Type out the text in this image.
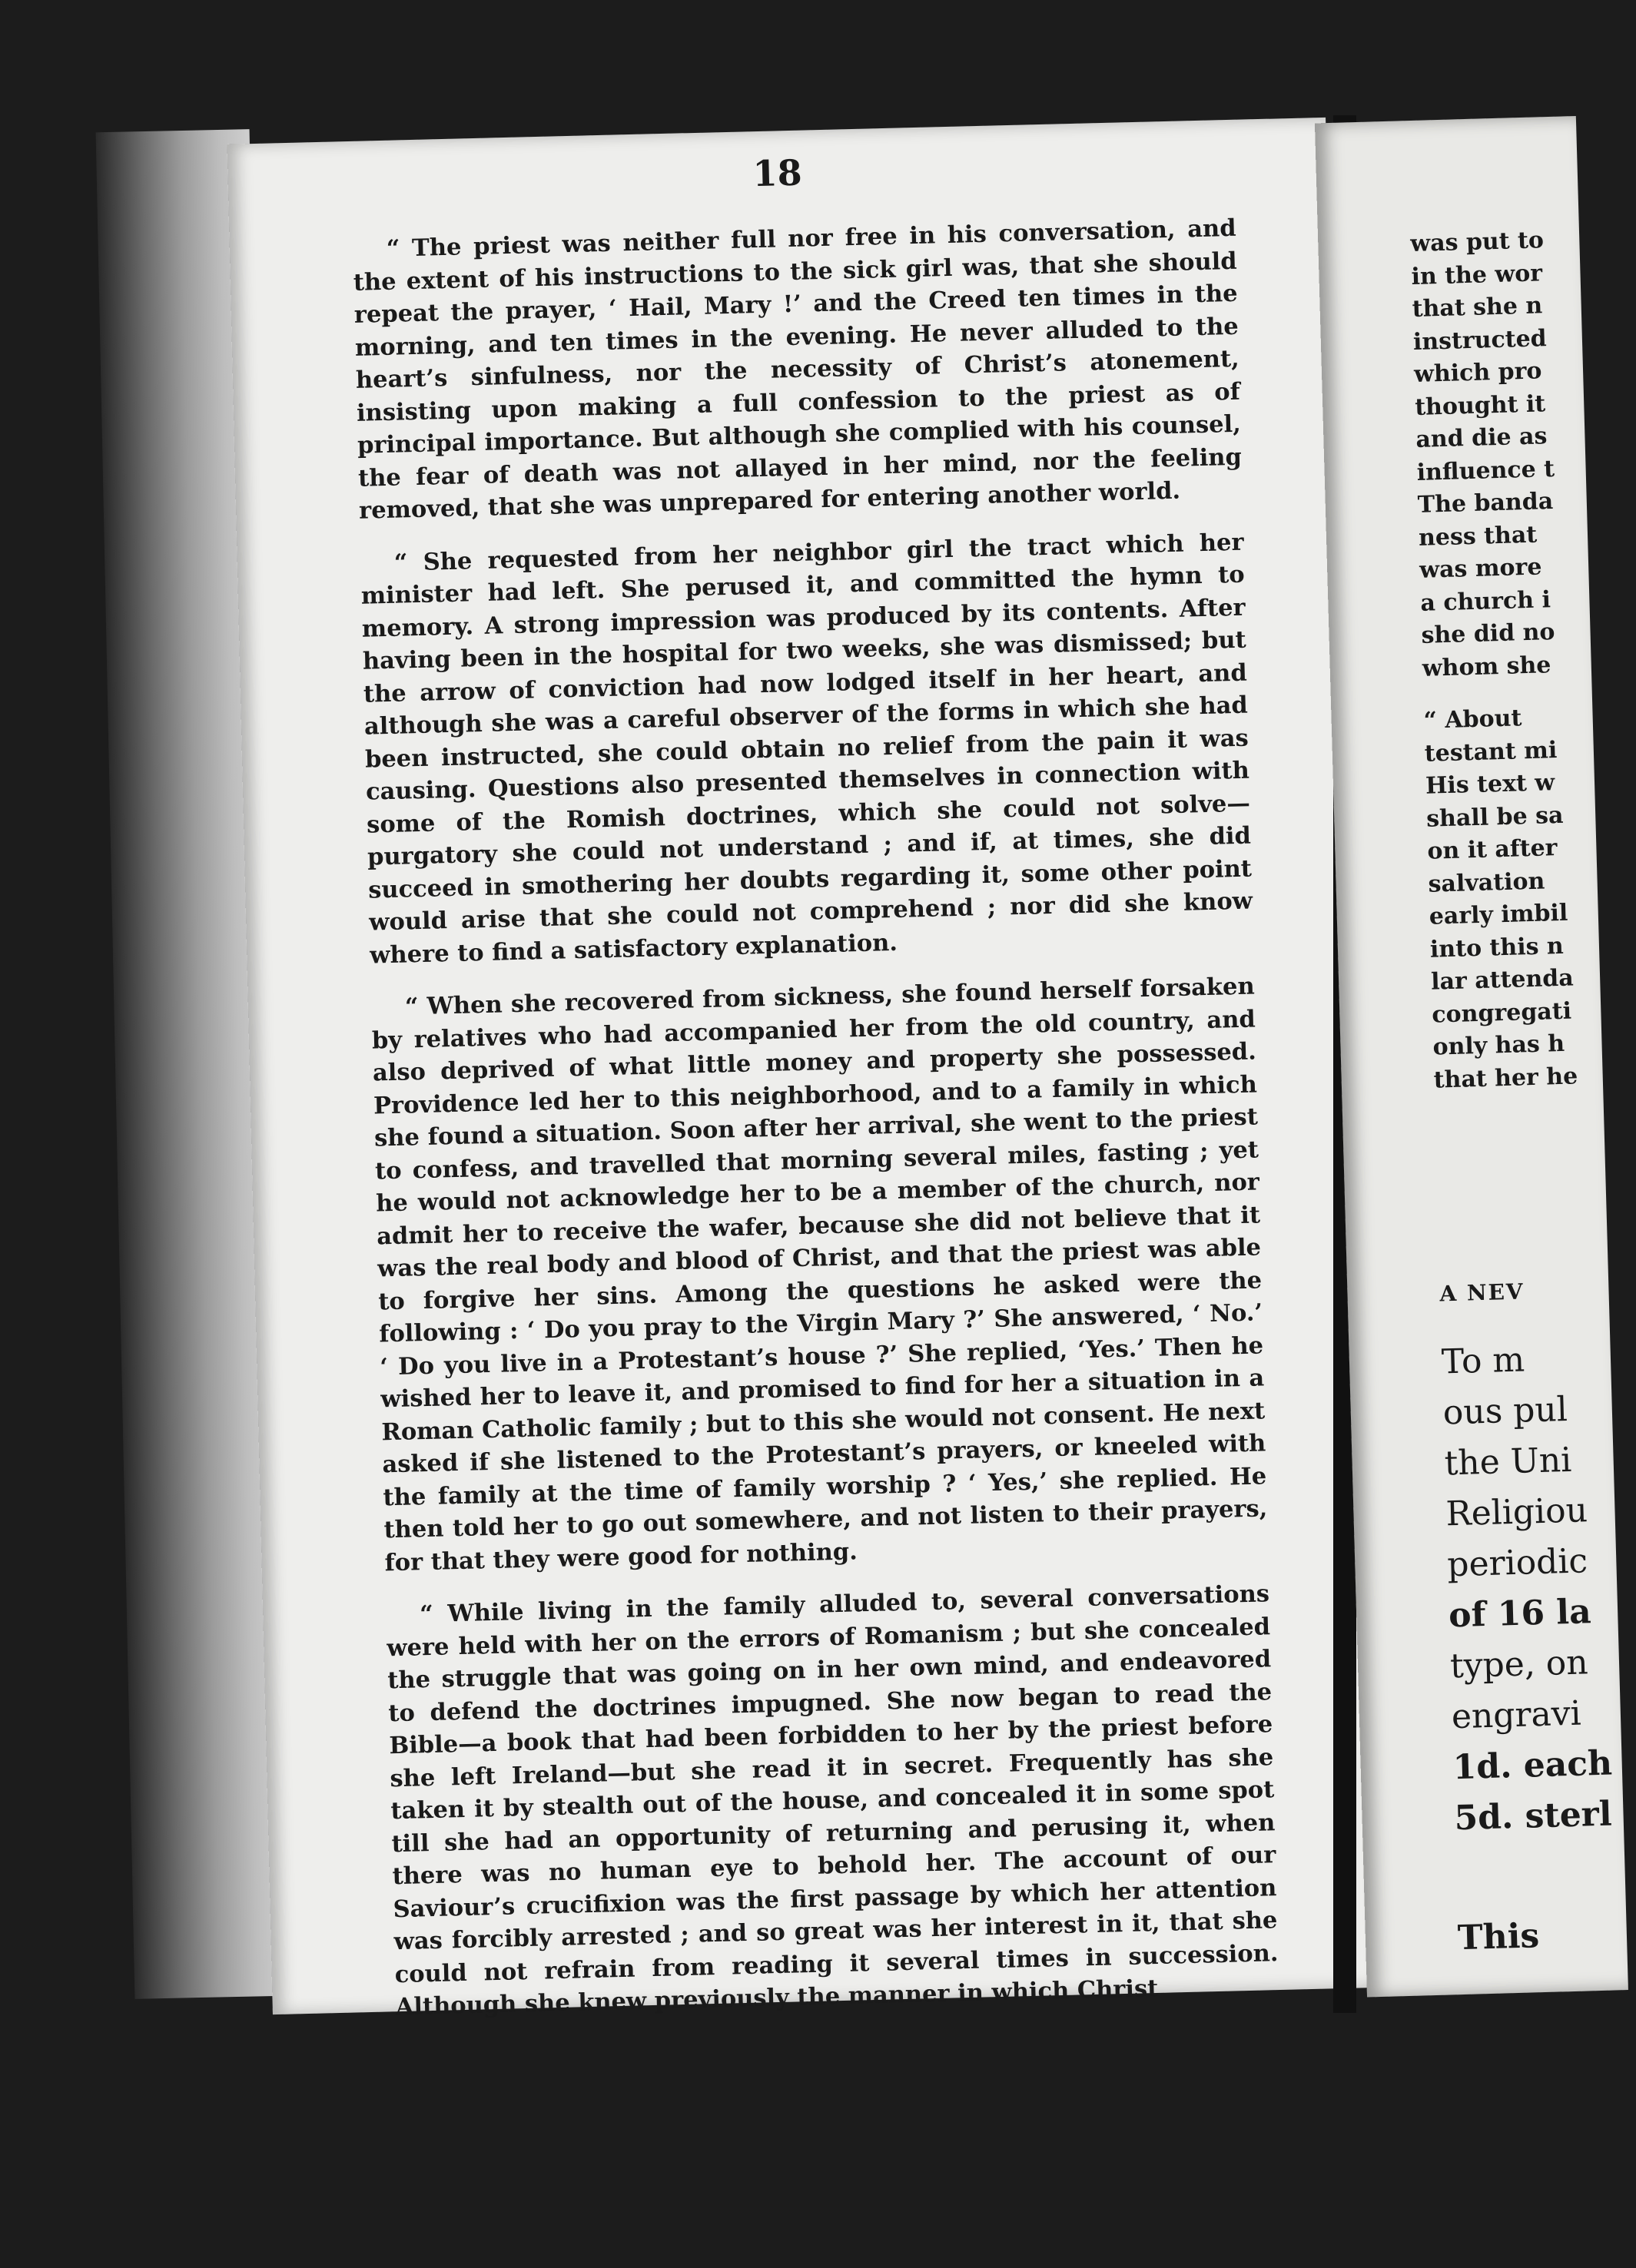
18

“ The priest was neither full nor free in his conversation, and the extent of his instructions to the sick girl was, that she should repeat the prayer, ‘ Hail, Mary !’ and the Creed ten times in the morning, and ten times in the evening. He never alluded to the heart’s sinfulness, nor the necessity of Christ’s atonement, insisting upon making a full confession to the priest as of principal importance. But although she complied with his counsel, the fear of death was not allayed in her mind, nor the feeling removed, that she was unprepared for entering another world.

“ She requested from her neighbor girl the tract which her minister had left. She perused it, and committed the hymn to memory. A strong impression was produced by its contents. After having been in the hospital for two weeks, she was dismissed; but the arrow of conviction had now lodged itself in her heart, and although she was a careful observer of the forms in which she had been instructed, she could obtain no relief from the pain it was causing. Questions also presented themselves in connection with some of the Romish doctrines, which she could not solve—purgatory she could not understand ; and if, at times, she did succeed in smothering her doubts regarding it, some other point would arise that she could not comprehend ; nor did she know where to find a satisfactory explanation.

“ When she recovered from sickness, she found herself forsaken by relatives who had accompanied her from the old country, and also deprived of what little money and property she possessed. Providence led her to this neighborhood, and to a family in which she found a situation. Soon after her arrival, she went to the priest to confess, and travelled that morning several miles, fasting ; yet he would not acknowledge her to be a member of the church, nor admit her to receive the wafer, because she did not believe that it was the real body and blood of Christ, and that the priest was able to forgive her sins. Among the questions he asked were the following : ‘ Do you pray to the Virgin Mary ?’ She answered, ‘ No.’ ‘ Do you live in a Protestant’s house ?’ She replied, ‘Yes.’ Then he wished her to leave it, and promised to find for her a situation in a Roman Catholic family ; but to this she would not consent. He next asked if she listened to the Protestant’s prayers, or kneeled with the family at the time of family worship ? ‘ Yes,’ she replied. He then told her to go out somewhere, and not listen to their prayers, for that they were good for nothing.

“ While living in the family alluded to, several conversations were held with her on the errors of Romanism ; but she concealed the struggle that was going on in her own mind, and endeavored to defend the doctrines impugned. She now began to read the Bible—a book that had been forbidden to her by the priest before she left Ireland—but she read it in secret. Frequently has she taken it by stealth out of the house, and concealed it in some spot till she had an opportunity of returning and perusing it, when there was no human eye to behold her. The account of our Saviour’s crucifixion was the first passage by which her attention was forcibly arrested ; and so great was her interest in it, that she could not refrain from reading it several times in succession. Although she knew previously the manner in which Christ

was put to
in the wor
that she n
instructed
which pro
thought it
and die as
influence t
The banda
ness that
was more
a church i
she did no
whom she
“ About
testant mi
His text w
shall be sa
on it after
salvation
early imbil
into this n
lar attenda
congregati
only has h
that her he
A NEV
To m
ous pul
the Uni
Religiou
periodic
of 16 la
type, on
engravi
1d. each
5d. sterl
This
